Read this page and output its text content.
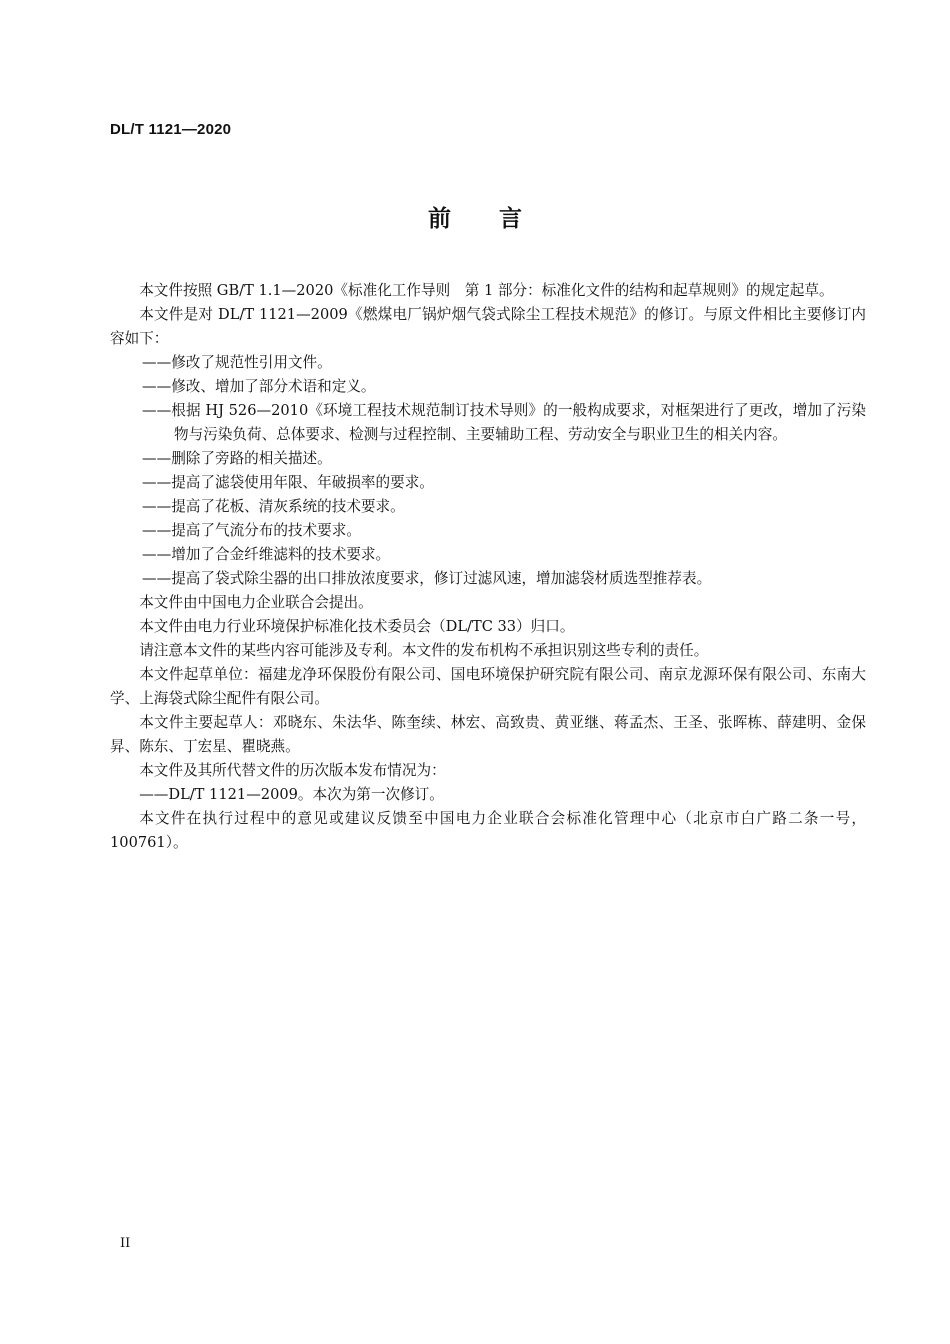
DL/T 1121—2020
前言

本文件按照 GB/T 1.1—2020《标准化工作导则　第 1 部分：标准化文件的结构和起草规则》的规定起草。

本文件是对 DL/T 1121—2009《燃煤电厂锅炉烟气袋式除尘工程技术规范》的修订。与原文件相比主要修订内容如下：

——修改了规范性引用文件。

——修改、增加了部分术语和定义。

——根据 HJ 526—2010《环境工程技术规范制订技术导则》的一般构成要求，对框架进行了更改，增加了污染物与污染负荷、总体要求、检测与过程控制、主要辅助工程、劳动安全与职业卫生的相关内容。

——删除了旁路的相关描述。

——提高了滤袋使用年限、年破损率的要求。

——提高了花板、清灰系统的技术要求。

——提高了气流分布的技术要求。

——增加了合金纤维滤料的技术要求。

——提高了袋式除尘器的出口排放浓度要求，修订过滤风速，增加滤袋材质选型推荐表。

本文件由中国电力企业联合会提出。

本文件由电力行业环境保护标准化技术委员会（DL/TC 33）归口。

请注意本文件的某些内容可能涉及专利。本文件的发布机构不承担识别这些专利的责任。

本文件起草单位：福建龙净环保股份有限公司、国电环境保护研究院有限公司、南京龙源环保有限公司、东南大学、上海袋式除尘配件有限公司。

本文件主要起草人：邓晓东、朱法华、陈奎续、林宏、高致贵、黄亚继、蒋孟杰、王圣、张晖栋、薛建明、金保昇、陈东、丁宏星、瞿晓燕。

本文件及其所代替文件的历次版本发布情况为：

——DL/T 1121—2009。本次为第一次修订。

本文件在执行过程中的意见或建议反馈至中国电力企业联合会标准化管理中心（北京市白广路二条一号，100761）。

II
